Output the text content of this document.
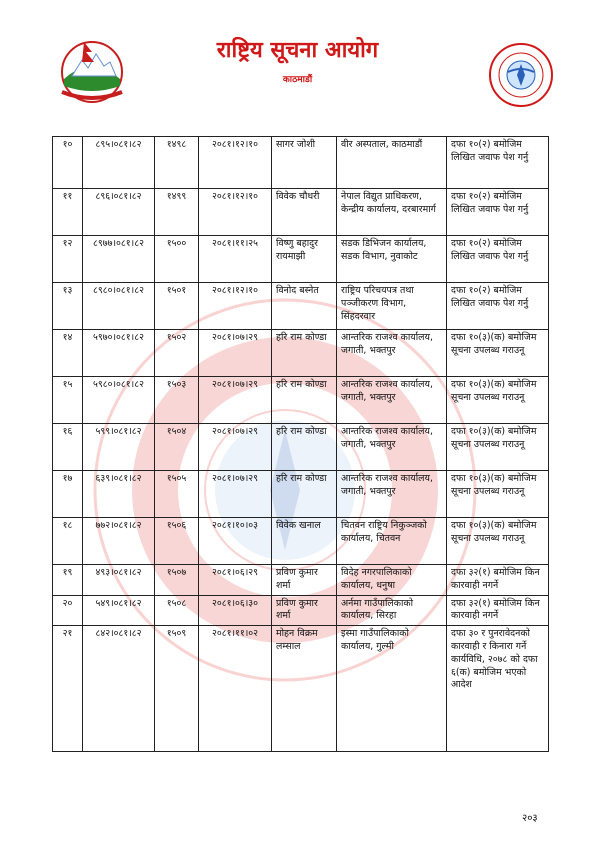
राष्ट्रिय सूचना आयोग
काठमाडौं
१०	८९५।०८१।८२	१४९८	२०८१।१२।१०	सागर जोशी	वीर अस्पताल, काठमाडौं	दफा १०(२) बमोजिम लिखित जवाफ पेश गर्नु
११	८९६।०८१।८२	१४९९	२०८१।१२।१०	विवेक चौधरी	नेपाल विद्युत प्राधिकरण, केन्द्रीय कार्यालय, दरबारमार्ग	दफा १०(२) बमोजिम लिखित जवाफ पेश गर्नु
१२	८९७७।०८१।८२	१५००	२०८१।११।२५	विष्णु बहादुर रायमाझी	सडक डिभिजन कार्यालय, सडक विभाग, नुवाकोट	दफा १०(२) बमोजिम लिखित जवाफ पेश गर्नु
१३	८९८०।०८१।८२	१५०१	२०८१।१२।१०	विनोद बस्नेत	राष्ट्रिय परिचयपत्र तथा पञ्जीकरण विभाग, सिंहदरवार	दफा १०(२) बमोजिम लिखित जवाफ पेश गर्नु
१४	५९७०।०८१।८२	१५०२	२०८१।०७।२९	हरि राम कोण्डा	आन्तरिक राजश्व कार्यालय, जगाती, भक्तपुर	दफा १०(३)(क) बमोजिम सूचना उपलब्ध गराउनू
१५	५९८०।०८१।८२	१५०३	२०८१।०७।२९	हरि राम कोण्डा	आन्तरिक राजश्व कार्यालय, जगाती, भक्तपुर	दफा १०(३)(क) बमोजिम सूचना उपलब्ध गराउनू
१६	५९९।०८१।८२	१५०४	२०८१।०७।२९	हरि राम कोण्डा	आन्तरिक राजश्व कार्यालय, जगाती, भक्तपुर	दफा १०(३)(क) बमोजिम सूचना उपलब्ध गराउनू
१७	६३९।०८१।८२	१५०५	२०८१।०७।२९	हरि राम कोण्डा	आन्तरिक राजश्व कार्यालय, जगाती, भक्तपुर	दफा १०(३)(क) बमोजिम सूचना उपलब्ध गराउनू
१८	७७२।०८१।८२	१५०६	२०८१।१०।०३	विवेक खनाल	चितवन राष्ट्रिय निकुञ्जको कार्यालय, चितवन	दफा १०(३)(क) बमोजिम सूचना उपलब्ध गराउनू
१९	४९३।०८१।८२	१५०७	२०८१।०६।२९	प्रविण कुमार शर्मा	विदेह नगरपालिकाको कार्यालय, धनुषा	दफा ३२(१) बमोजिम किन कारवाही नगर्ने
२०	५४९।०८१।८२	१५०८	२०८१।०६।३०	प्रविण कुमार शर्मा	अर्नमा गाउँपालिकाको कार्यालय, सिरहा	दफा ३२(१) बमोजिम किन कारवाही नगर्ने
२१	८४२।०८१।८२	१५०९	२०८१।११।०२	मोहन विक्रम लम्साल	इस्मा गाउँपालिकाको कार्यालय, गुल्मी	दफा ३० र पुनरावेदनको कारवाही र किनारा गर्ने कार्यविधि, २०७८ को दफा ६(क) बमोजिम भएको आदेश
२०३
